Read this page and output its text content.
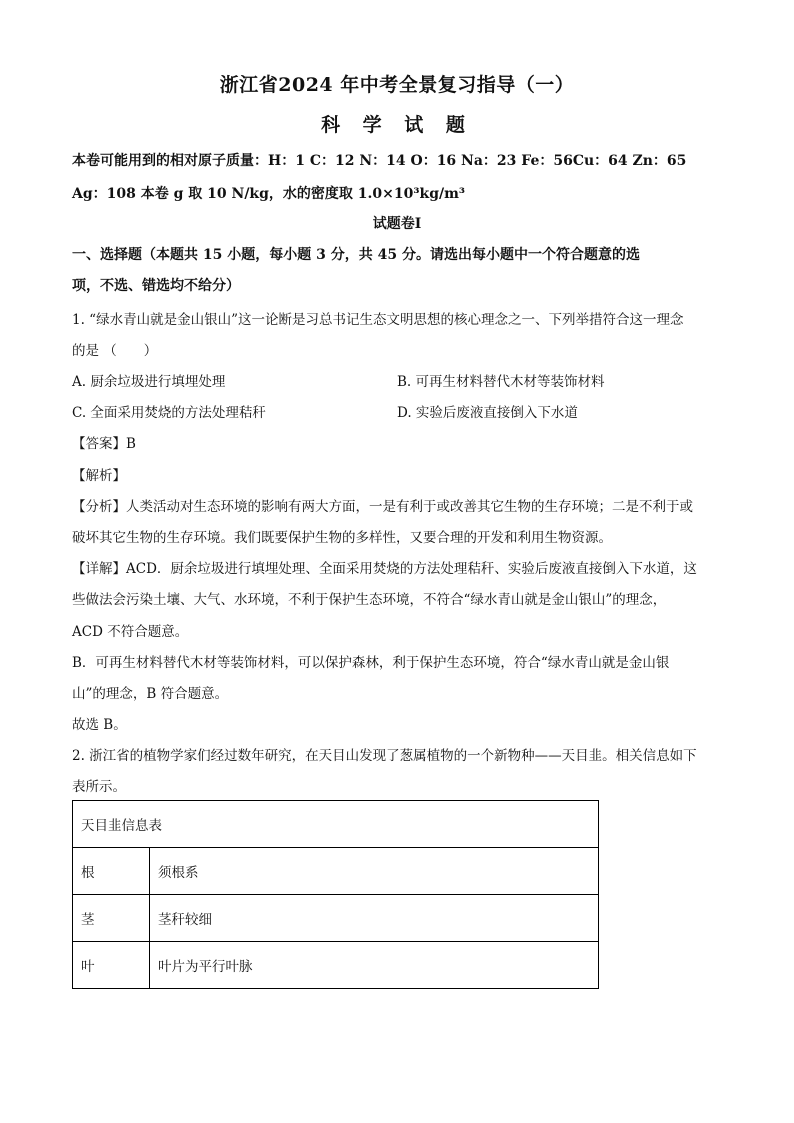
浙江省2024 年中考全景复习指导（一）
科 学 试 题
本卷可能用到的相对原子质量：H：1 C：12 N：14 O：16 Na：23 Fe：56Cu：64 Zn：65
Ag：108 本卷 g 取 10 N/kg，水的密度取 1.0×10³kg/m³
试题卷Ⅰ
一、选择题（本题共 15 小题，每小题 3 分，共 45 分。请选出每小题中一个符合题意的选
项，不选、错选均不给分）
1. “绿水青山就是金山银山”这一论断是习总书记生态文明思想的核心理念之一、下列举措符合这一理念
的是 （　　）
A. 厨余垃圾进行填埋处理	B. 可再生材料替代木材等装饰材料
C. 全面采用焚烧的方法处理秸秆	D. 实验后废液直接倒入下水道
【答案】B
【解析】
【分析】人类活动对生态环境的影响有两大方面，一是有利于或改善其它生物的生存环境；二是不利于或
破坏其它生物的生存环境。我们既要保护生物的多样性，又要合理的开发和利用生物资源。
【详解】ACD．厨余垃圾进行填埋处理、全面采用焚烧的方法处理秸秆、实验后废液直接倒入下水道，这
些做法会污染土壤、大气、水环境，不利于保护生态环境，不符合“绿水青山就是金山银山”的理念，
ACD 不符合题意。
B．可再生材料替代木材等装饰材料，可以保护森林，利于保护生态环境，符合“绿水青山就是金山银
山”的理念，B 符合题意。
故选 B。
2. 浙江省的植物学家们经过数年研究，在天目山发现了葱属植物的一个新物种——天目韭。相关信息如下
表所示。
天目韭信息表	
根	须根系
茎	茎秆较细
叶	叶片为平行叶脉
